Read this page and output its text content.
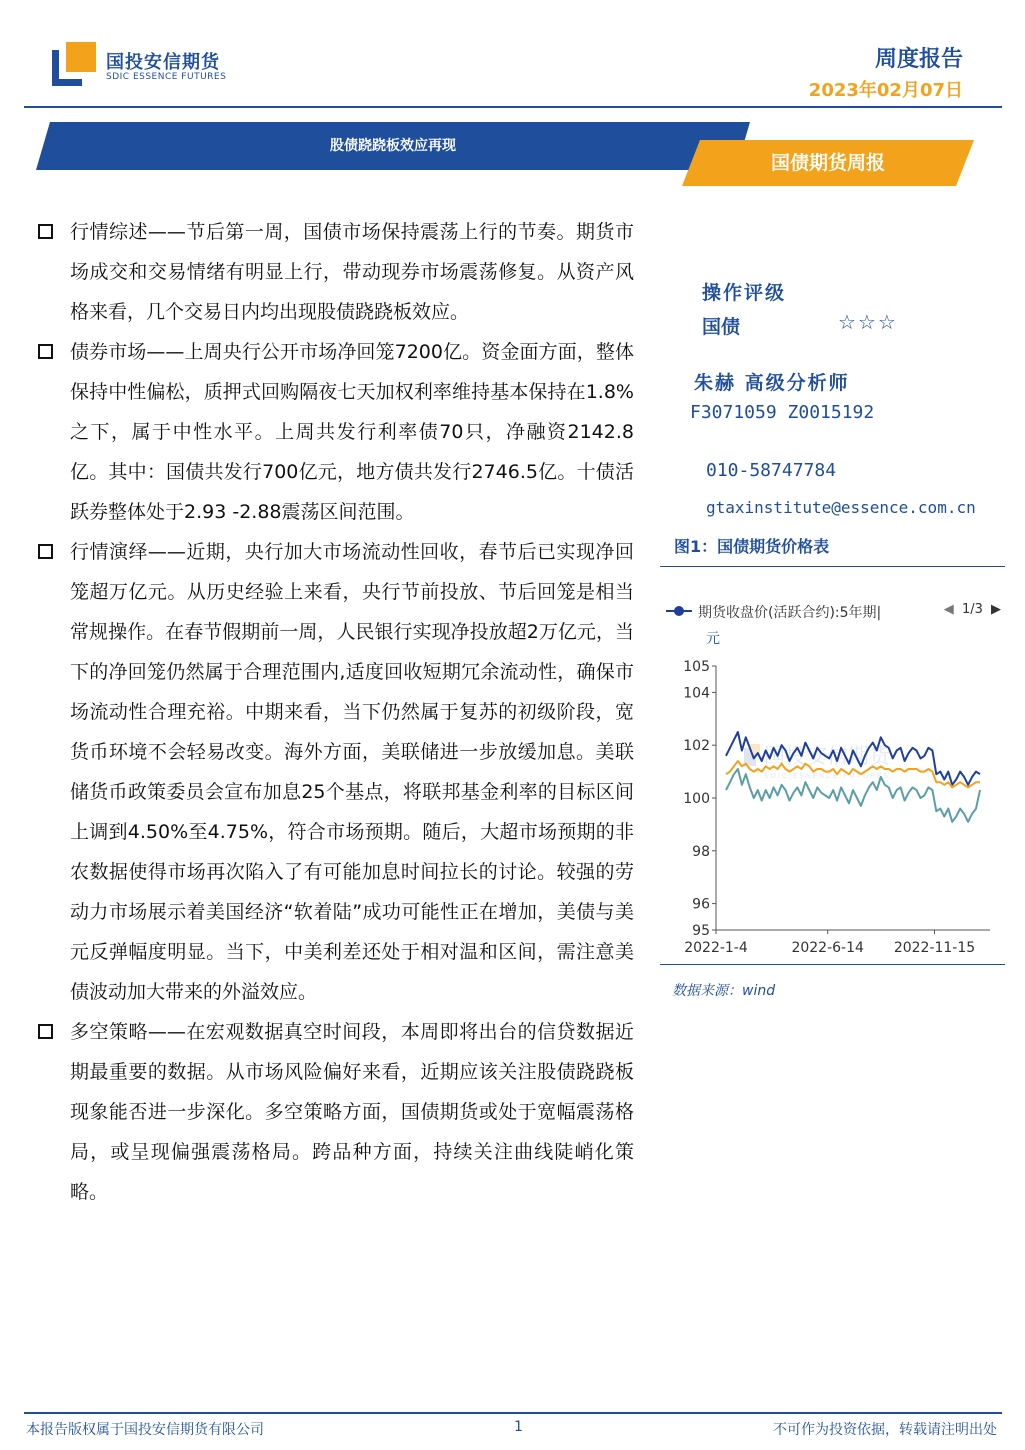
国投安信期货
SDIC ESSENCE FUTURES
周度报告
2023年02月07日
股债跷跷板效应再现
国债期货周报
行情综述——节后第一周，国债市场保持震荡上行的节奏。期货市场成交和交易情绪有明显上行，带动现券市场震荡修复。从资产风格来看，几个交易日内均出现股债跷跷板效应。
债券市场——上周央行公开市场净回笼7200亿。资金面方面，整体保持中性偏松，质押式回购隔夜七天加权利率维持基本保持在1.8%之下，属于中性水平。上周共发行利率债70只，净融资2142.8亿。其中：国债共发行700亿元，地方债共发行2746.5亿。十债活跃券整体处于2.93 -2.88震荡区间范围。
行情演绎——近期，央行加大市场流动性回收，春节后已实现净回笼超万亿元。从历史经验上来看，央行节前投放、节后回笼是相当常规操作。在春节假期前一周，人民银行实现净投放超2万亿元，当下的净回笼仍然属于合理范围内,适度回收短期冗余流动性，确保市场流动性合理充裕。中期来看，当下仍然属于复苏的初级阶段，宽货币环境不会轻易改变。海外方面，美联储进一步放缓加息。美联储货币政策委员会宣布加息25个基点，将联邦基金利率的目标区间上调到4.50%至4.75%，符合市场预期。随后，大超市场预期的非农数据使得市场再次陷入了有可能加息时间拉长的讨论。较强的劳动力市场展示着美国经济“软着陆”成功可能性正在增加，美债与美元反弹幅度明显。当下，中美利差还处于相对温和区间，需注意美债波动加大带来的外溢效应。
多空策略——在宏观数据真空时间段，本周即将出台的信贷数据近期最重要的数据。从市场风险偏好来看，近期应该关注股债跷跷板现象能否进一步深化。多空策略方面，国债期货或处于宽幅震荡格局，或呈现偏强震荡格局。跨品种方面，持续关注曲线陡峭化策略。
操作评级
国债	☆☆☆
朱赫 高级分析师
F3071059 Z0015192
010-58747784
gtaxinstitute@essence.com.cn
图1：国债期货价格表
期货收盘价(活跃合约):5年期|	◀ 1/3 ▶
元
国投安信期货
SDIC ESSENCE FUTURES
95
96
98
100
102
104
105
2022-1-4	2022-6-14 2022-11-15
数据来源：wind
本报告版权属于国投安信期货有限公司	1	不可作为投资依据，转载请注明出处
